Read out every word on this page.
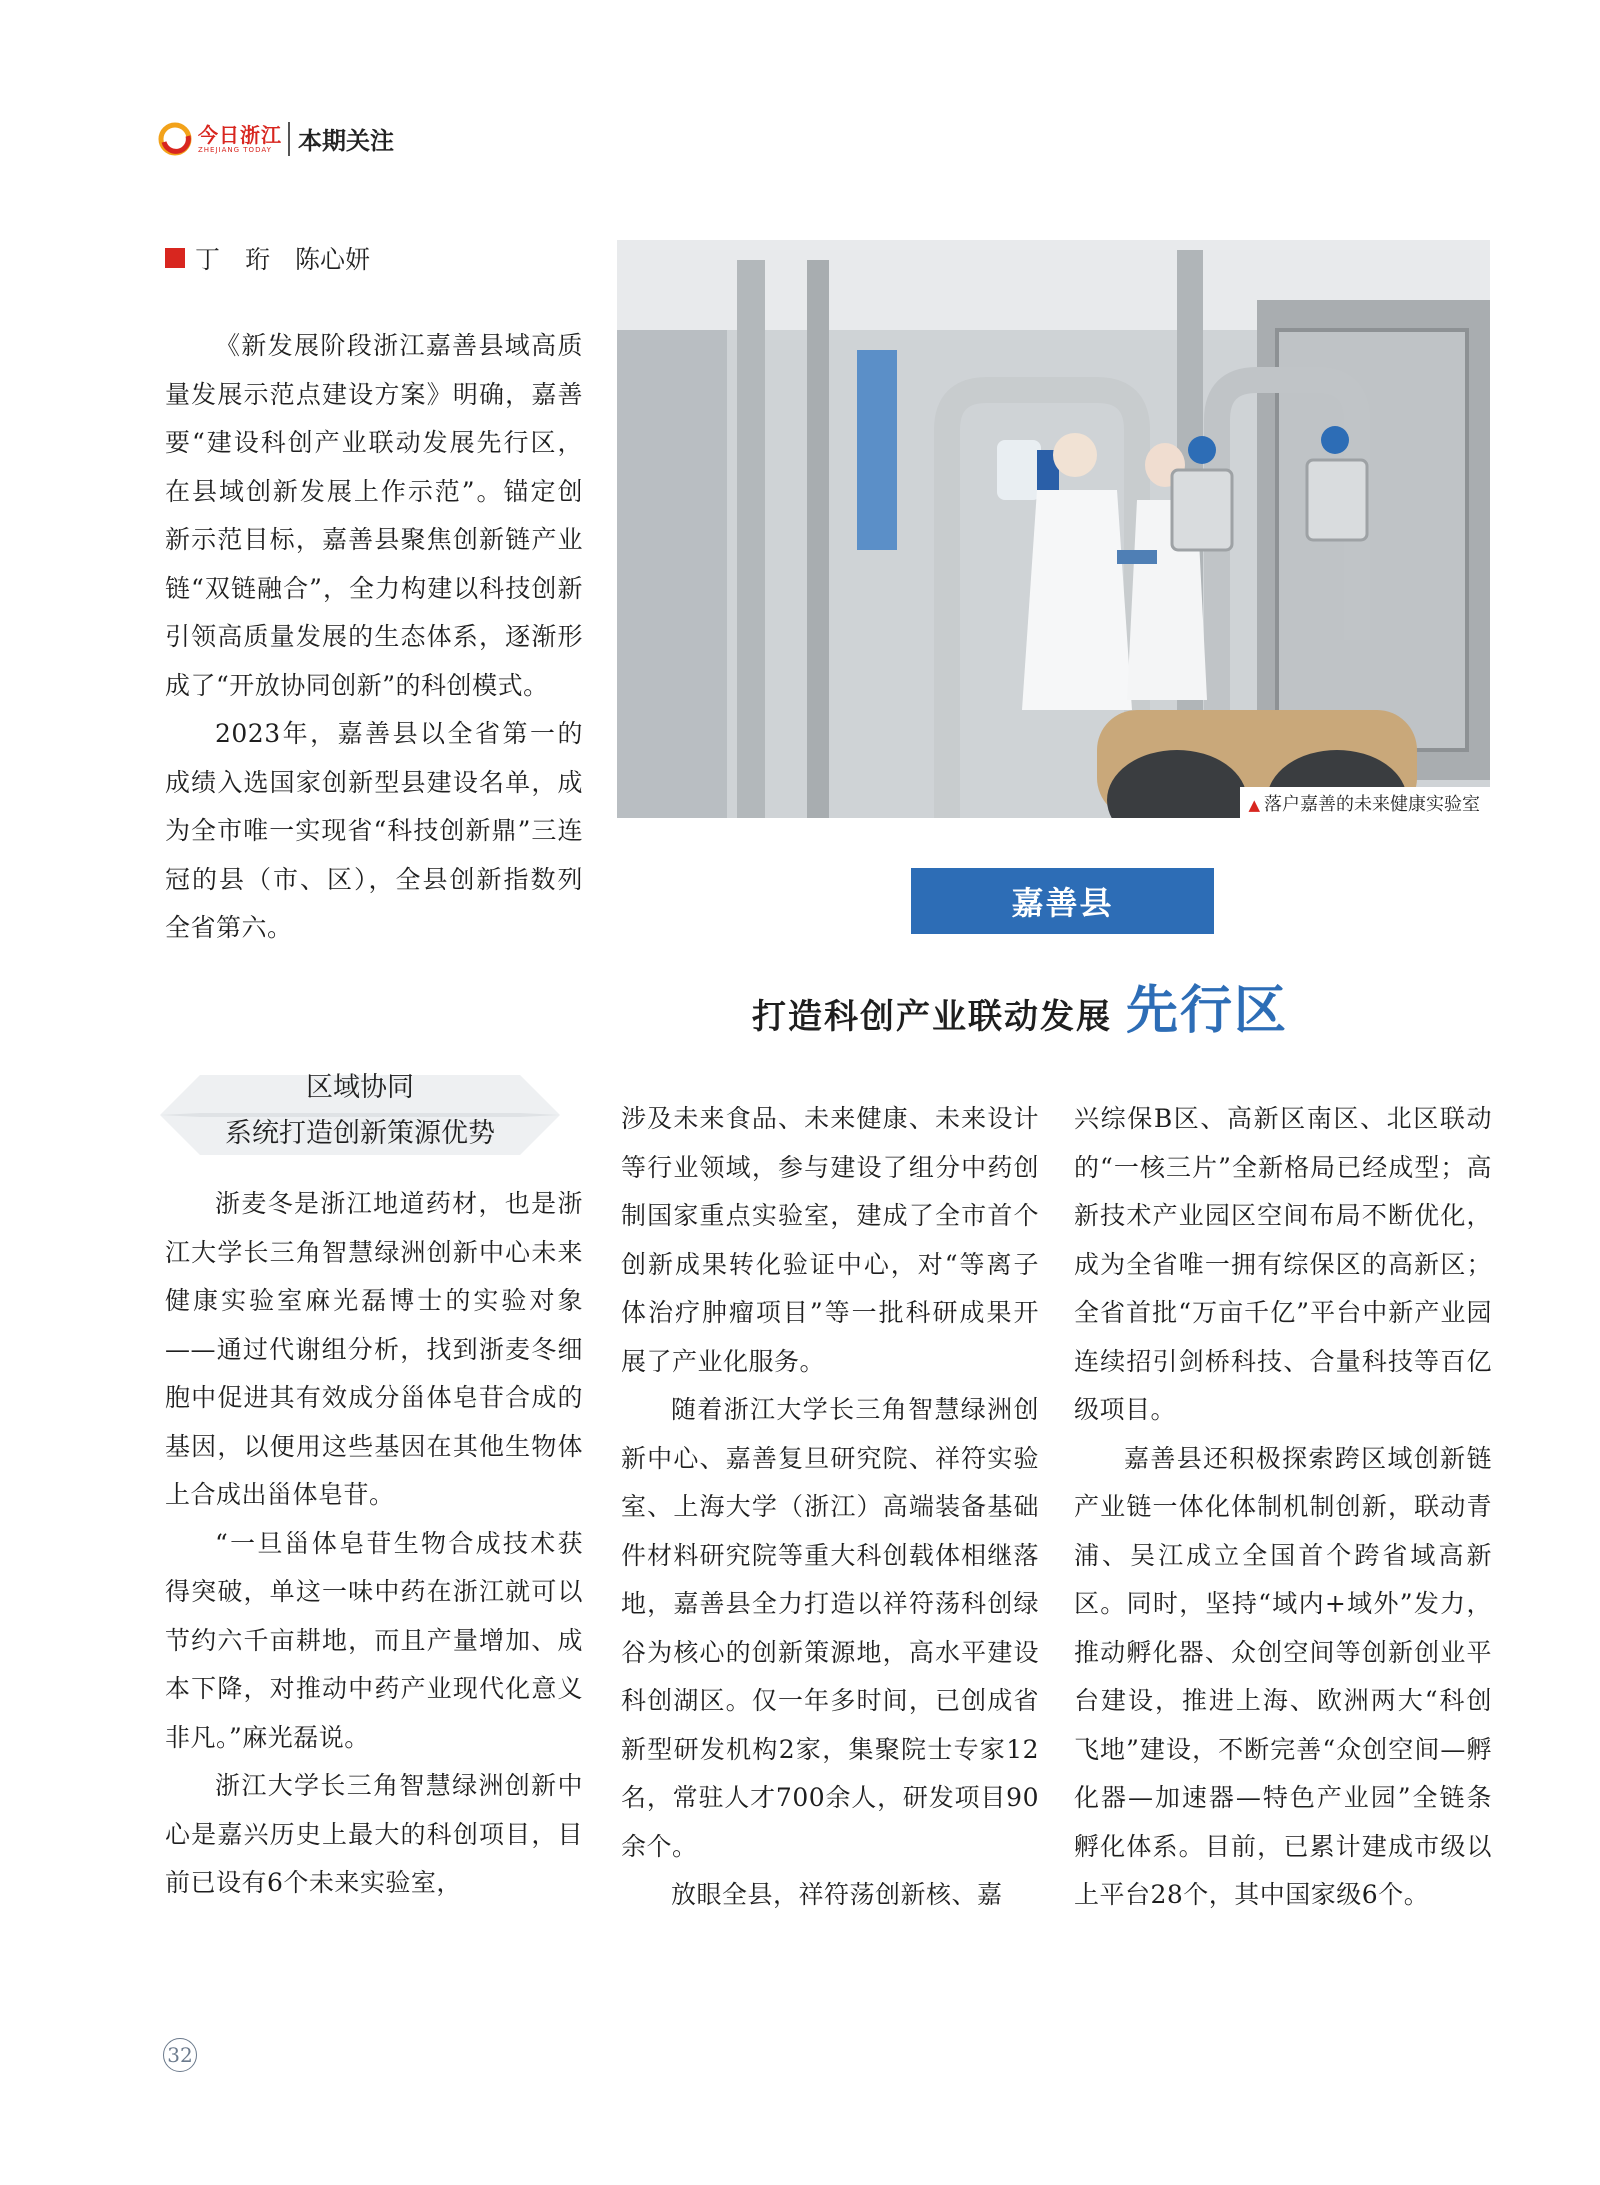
今日浙江
ZHEJIANG TODAY	本期关注
丁　珩　陈心妍
▲ 落户嘉善的未来健康实验室
嘉善县
打造科创产业联动发展 先行区

《新发展阶段浙江嘉善县域高质量发展示范点建设方案》明确，嘉善要“建设科创产业联动发展先行区，在县域创新发展上作示范”。锚定创新示范目标，嘉善县聚焦创新链产业链“双链融合”，全力构建以科技创新引领高质量发展的生态体系，逐渐形成了“开放协同创新”的科创模式。

2023年，嘉善县以全省第一的成绩入选国家创新型县建设名单，成为全市唯一实现省“科技创新鼎”三连冠的县（市、区），全县创新指数列全省第六。

区域协同
系统打造创新策源优势

浙麦冬是浙江地道药材，也是浙江大学长三角智慧绿洲创新中心未来健康实验室麻光磊博士的实验对象——通过代谢组分析，找到浙麦冬细胞中促进其有效成分甾体皂苷合成的基因，以便用这些基因在其他生物体上合成出甾体皂苷。

“一旦甾体皂苷生物合成技术获得突破，单这一味中药在浙江就可以节约六千亩耕地，而且产量增加、成本下降，对推动中药产业现代化意义非凡。”麻光磊说。

浙江大学长三角智慧绿洲创新中心是嘉兴历史上最大的科创项目，目前已设有6个未来实验室，

涉及未来食品、未来健康、未来设计等行业领域，参与建设了组分中药创制国家重点实验室，建成了全市首个创新成果转化验证中心，对“等离子体治疗肿瘤项目”等一批科研成果开展了产业化服务。

随着浙江大学长三角智慧绿洲创新中心、嘉善复旦研究院、祥符实验室、上海大学（浙江）高端装备基础件材料研究院等重大科创载体相继落地，嘉善县全力打造以祥符荡科创绿谷为核心的创新策源地，高水平建设科创湖区。仅一年多时间，已创成省新型研发机构2家，集聚院士专家12名，常驻人才700余人，研发项目90余个。

放眼全县，祥符荡创新核、嘉

兴综保B区、高新区南区、北区联动的“一核三片”全新格局已经成型；高新技术产业园区空间布局不断优化，成为全省唯一拥有综保区的高新区；全省首批“万亩千亿”平台中新产业园连续招引剑桥科技、合量科技等百亿级项目。

嘉善县还积极探索跨区域创新链产业链一体化体制机制创新，联动青浦、吴江成立全国首个跨省域高新区。同时，坚持“域内+域外”发力，推动孵化器、众创空间等创新创业平台建设，推进上海、欧洲两大“科创飞地”建设，不断完善“众创空间—孵化器—加速器—特色产业园”全链条孵化体系。目前，已累计建成市级以上平台28个，其中国家级6个。

32
